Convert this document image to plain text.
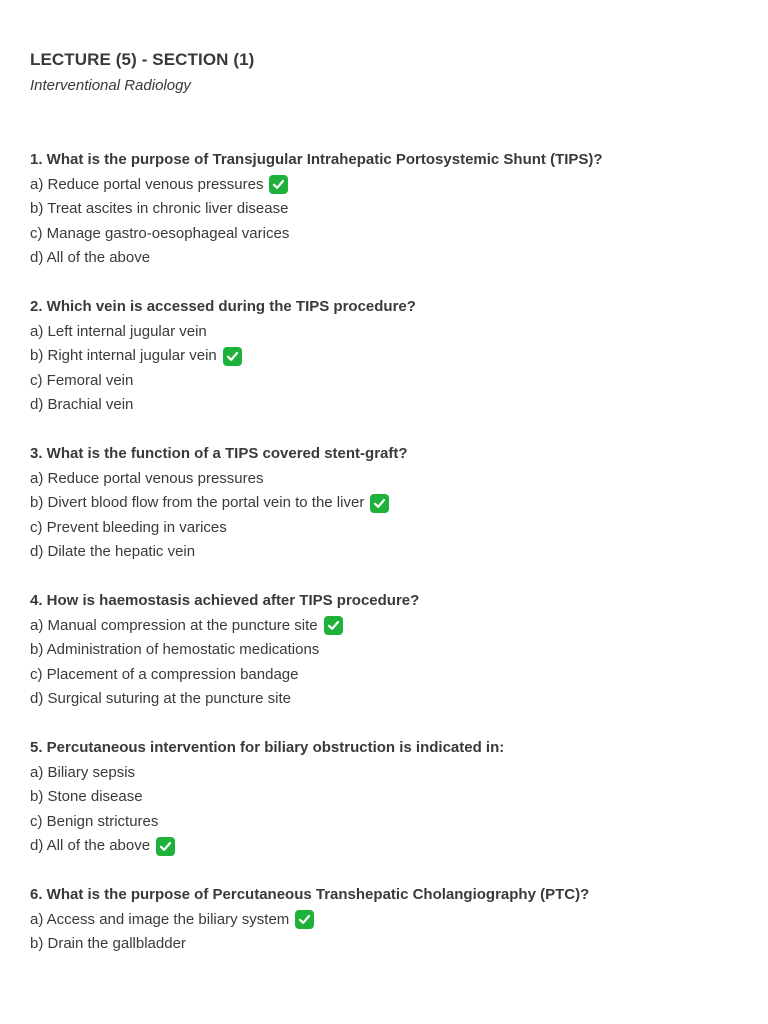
LECTURE (5) - SECTION (1)
Interventional Radiology
1. What is the purpose of Transjugular Intrahepatic Portosystemic Shunt (TIPS)?
a) Reduce portal venous pressures
b) Treat ascites in chronic liver disease
c) Manage gastro-oesophageal varices
d) All of the above
2. Which vein is accessed during the TIPS procedure?
a) Left internal jugular vein
b) Right internal jugular vein
c) Femoral vein
d) Brachial vein
3. What is the function of a TIPS covered stent-graft?
a) Reduce portal venous pressures
b) Divert blood flow from the portal vein to the liver
c) Prevent bleeding in varices
d) Dilate the hepatic vein
4. How is haemostasis achieved after TIPS procedure?
a) Manual compression at the puncture site
b) Administration of hemostatic medications
c) Placement of a compression bandage
d) Surgical suturing at the puncture site
5. Percutaneous intervention for biliary obstruction is indicated in:
a) Biliary sepsis
b) Stone disease
c) Benign strictures
d) All of the above
6. What is the purpose of Percutaneous Transhepatic Cholangiography (PTC)?
a) Access and image the biliary system
b) Drain the gallbladder
